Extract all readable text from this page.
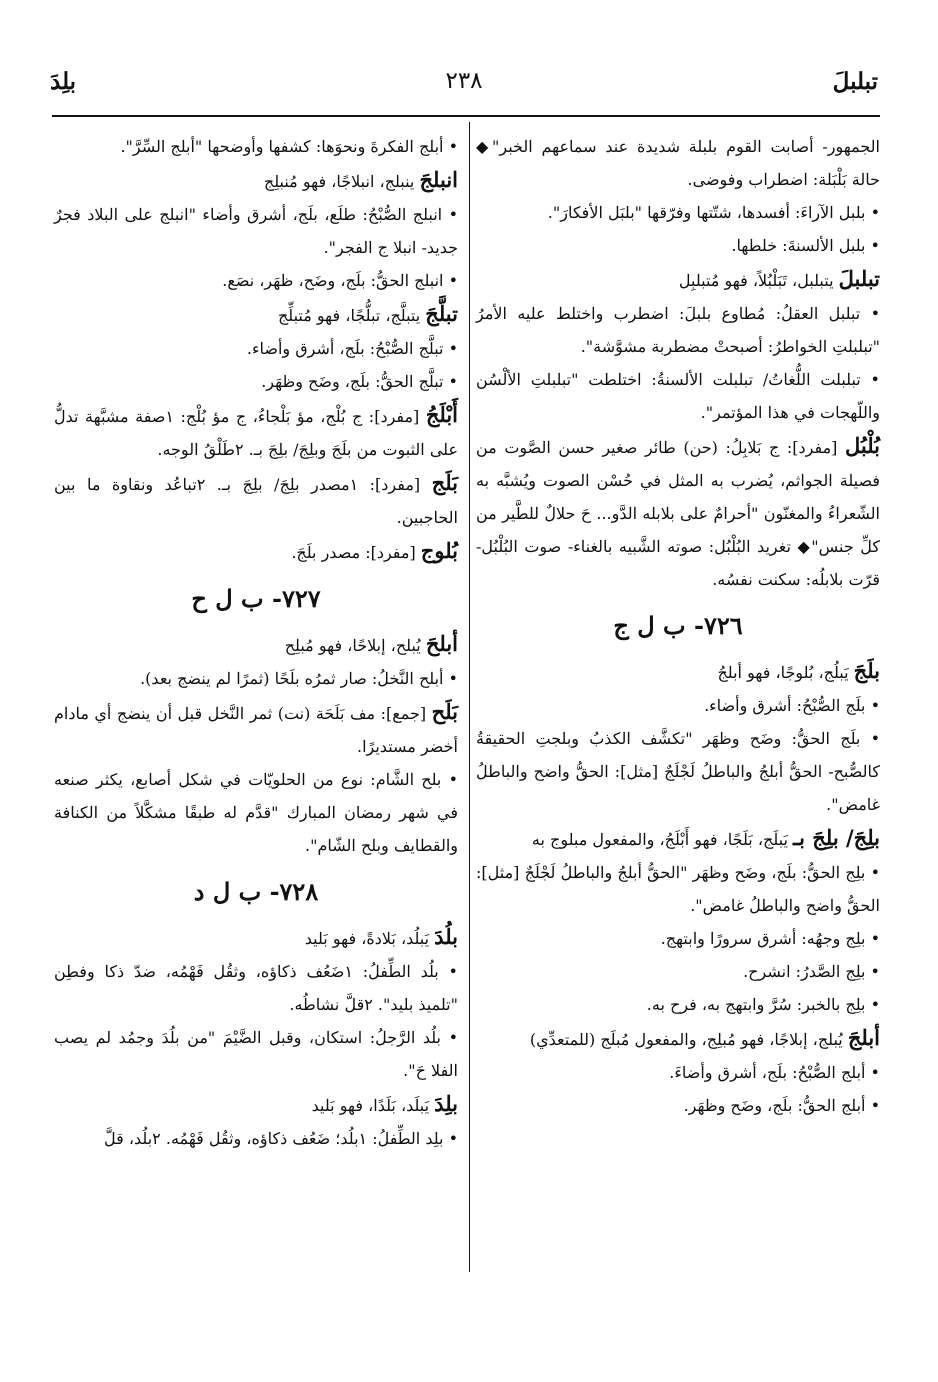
تبلبلَ
٢٣٨
بلِدَ

الجمهور- أصابت القوم بلبلة شديدة عند سماعهم الخبر"◆ حالة بَلْبَلة: اضطراب وفوضى.

• بلبل الآراءَ: أفسدها، شتّتها وفرّقها "بلبَل الأفكارَ".

• بلبل الألسنةَ: خلطها.

تبلبلَ يتبلبل، تَبَلْبُلاً، فهو مُتبلبِل

• تبلبل العقلُ: مُطاوع بلبلَ: اضطرب واختلط عليه الأمرُ "تبلبلتِ الخواطرُ: أصبحتْ مضطربة مشوَّشة".

• تبلبلت اللُّغاتُ/ تبلبلت الألسنةُ: اختلطت "تبلبلتِ الألْسُن واللّهجات في هذا المؤتمر".

بُلْبُل [مفرد]: ج بَلابِلُ: (حن) طائر صغير حسن الصَّوت من فصيلة الجواثم، يُضرب به المثل في حُسْن الصوت ويُشبَّه به الشّعراءُ والمغنّون "أحرامٌ على بلابله الدَّو... حَ حلالٌ للطَّير من كلِّ جنس"◆ تغريد البُلْبُل: صوته الشَّبيه بالغناء- صوت البُلْبُل- قرّت بلابلُه: سكنت نفسُه.

٧٢٦- ب ل ج

بلَجَ يَبلُج، بُلوجًا، فهو أبلجُ

• بلَج الصُّبْحُ: أشرق وأضاء.

• بلَج الحقُّ: وضَح وظهَر "تكشَّف الكذبُ وبلجتِ الحقيقةُ كالصُّبح- الحقُّ أبلجُ والباطلُ لَجْلَجٌ [مثل]: الحقُّ واضح والباطلُ غامض".

بلِجَ/ بلِجَ بـ يَبلَج، بَلَجًا، فهو أَبْلَجُ، والمفعول مبلوج به

• بلِج الحقُّ: بلَج، وضَح وظهَر "الحقُّ أبلجُ والباطلُ لَجْلَجٌ [مثل]: الحقُّ واضح والباطلُ غامض".

• بلِج وجهُه: أشرق سرورًا وابتهج.

• بلِج الصَّدرُ: انشرح.

• بلِج بالخبر: سُرَّ وابتهج به، فرح به.

أبلجَ يُبلج، إبلاجًا، فهو مُبلِج، والمفعول مُبلَج (للمتعدِّي)

• أبلج الصُّبْحُ: بلَج، أشرق وأضاءَ.

• أبلج الحقُّ: بلَج، وضَح وظهَر.

• أبلج الفكرةَ ونحوَها: كشفها وأوضحها "أبلج السِّرَّ".

انبلجَ ينبلج، انبلاجًا، فهو مُنبلِج

• انبلج الصُّبْحُ: طلَع، بلَج، أشرق وأضاء "انبلج على البلاد فجرٌ جديد- انبلا ج الفجر".

• انبلج الحقُّ: بلَج، وضَح، ظهَر، نصَع.

تبلَّجَ يتبلَّج، تبلُّجًا، فهو مُتبلِّج

• تبلَّج الصُّبْحُ: بلَج، أشرق وأضاء.

• تبلَّج الحقُّ: بلَج، وضَح وظهَر.

أَبْلَجُ [مفرد]: ج بُلْج، مؤ بَلْجاءُ، ج مؤ بُلْج: ١صفة مشبَّهة تدلُّ على الثبوت من بلَجَ وبلِجَ/ بلِجَ بـ. ٢طَلْقُ الوجه.

بَلَج [مفرد]: ١مصدر بلِجَ/ بلِجَ بـ. ٢تباعُد ونقاوة ما بين الحاجبين.

بُلوج [مفرد]: مصدر بلَجَ.

٧٢٧- ب ل ح

أبلحَ يُبلح، إبلاحًا، فهو مُبلِح

• أبلح النَّخلُ: صار ثمرُه بلَحًا (ثمرًا لم ينضج بعد).

بَلَح [جمع]: مف بَلَحَة (نت) ثمر النَّخل قبل أن ينضج أي مادام أخضر مستديرًا.

• بلح الشَّام: نوع من الحلويّات في شكل أصابع، يكثر صنعه في شهر رمضان المبارك "قدَّم له طبقًا مشكَّلاً من الكنافة والقطايف وبلح الشّام".

٧٢٨- ب ل د

بلُدَ يَبلُد، بَلادةً، فهو بَليد

• بلُد الطِّفلُ: ١ضَعُف ذكاؤه، وثقُل فَهْمُه، ضدّ ذكا وفطِن "تلميذ بليد". ٢قلَّ نشاطُه.

• بلُد الرَّجلُ: استكان، وقبل الضَّيْمَ "من بلُدَ وجمُد لم يصب الفلا حَ".

بلِدَ يَبلَد، بَلَدًا، فهو بَليد

• بلِد الطِّفلُ: ١بلُد؛ ضَعُف ذكاؤه، وثقُل فَهْمُه. ٢بلُد، قلَّ
